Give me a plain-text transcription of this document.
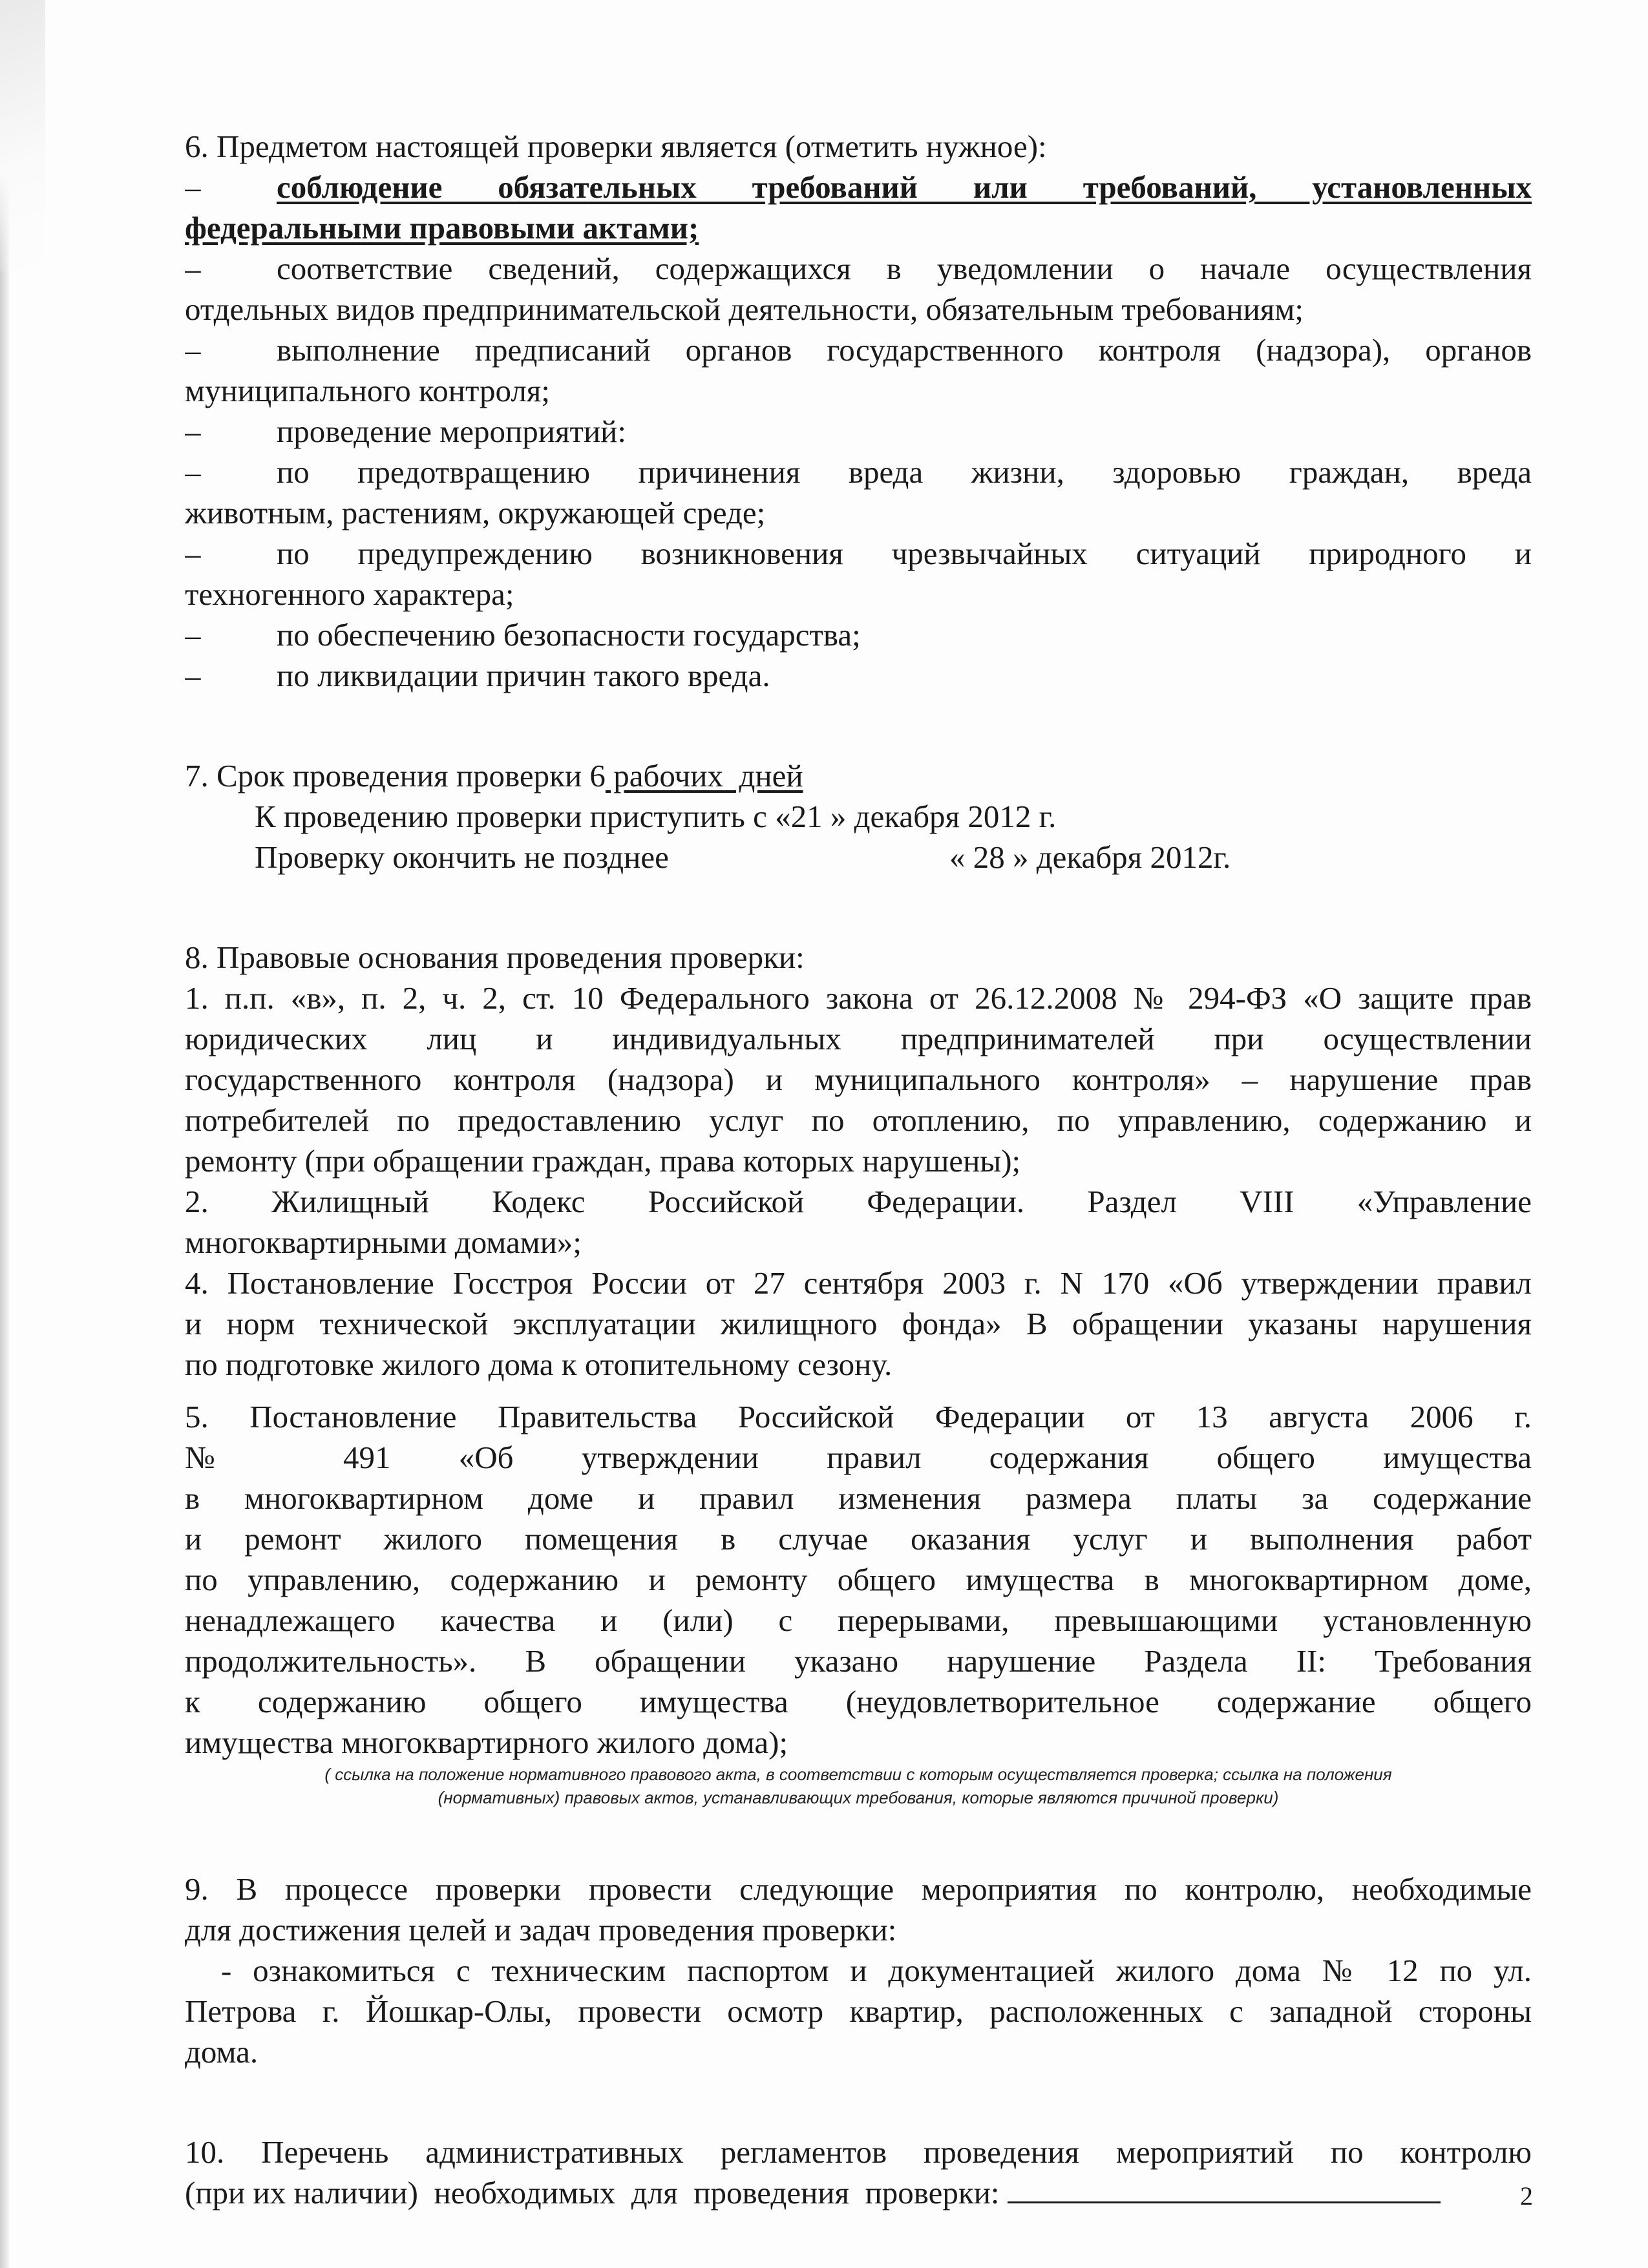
6. Предметом настоящей проверки является (отметить нужное):
–	соблюдение обязательных требований или требований, установленных
федеральными правовыми актами;
–	соответствие сведений, содержащихся в уведомлении о начале осуществления
отдельных видов предпринимательской деятельности, обязательным требованиям;
–	выполнение предписаний органов государственного контроля (надзора), органов
муниципального контроля;
–	проведение мероприятий:
–	по предотвращению причинения вреда жизни, здоровью граждан, вреда
животным, растениям, окружающей среде;
–	по предупреждению возникновения чрезвычайных ситуаций природного и
техногенного характера;
–	по обеспечению безопасности государства;
–	по ликвидации причин такого вреда.
7. Срок проведения проверки 6 рабочих  дней
К проведению проверки приступить с «21 » декабря 2012 г.
Проверку окончить не позднее	« 28 » декабря 2012г.
8. Правовые основания проведения проверки:
1. п.п. «в», п. 2, ч. 2, ст. 10 Федерального закона от 26.12.2008 № 294-ФЗ «О защите прав
юридических лиц и индивидуальных предпринимателей при осуществлении
государственного контроля (надзора) и муниципального контроля» – нарушение прав
потребителей по предоставлению услуг по отоплению, по управлению, содержанию и
ремонту (при обращении граждан, права которых нарушены);
2. Жилищный Кодекс Российской Федерации. Раздел VIII «Управление
многоквартирными домами»;
4. Постановление Госстроя России от 27 сентября 2003 г. N 170 «Об утверждении правил
и норм технической эксплуатации жилищного фонда» В обращении указаны нарушения
по подготовке жилого дома к отопительному сезону.
5. Постановление Правительства Российской Федерации от 13 августа 2006 г.
№ 491 «Об утверждении правил содержания общего имущества
в многоквартирном доме и правил изменения размера платы за содержание
и ремонт жилого помещения в случае оказания услуг и выполнения работ
по управлению, содержанию и ремонту общего имущества в многоквартирном доме,
ненадлежащего качества и (или) с перерывами, превышающими установленную
продолжительность». В обращении указано нарушение Раздела II: Требования
к содержанию общего имущества (неудовлетворительное содержание общего
имущества многоквартирного жилого дома);
( ссылка на положение нормативного правового акта, в соответствии с которым осуществляется проверка; ссылка на положения
(нормативных) правовых актов, устанавливающих требования, которые являются причиной проверки)
9. В процессе проверки провести следующие мероприятия по контролю, необходимые
для достижения целей и задач проведения проверки:
- ознакомиться с техническим паспортом и документацией жилого дома № 12 по ул.
Петрова г. Йошкар-Олы, провести осмотр квартир, расположенных с западной стороны
дома.
10. Перечень административных регламентов проведения мероприятий по контролю
(при их наличии)  необходимых  для  проведения  проверки:	2
